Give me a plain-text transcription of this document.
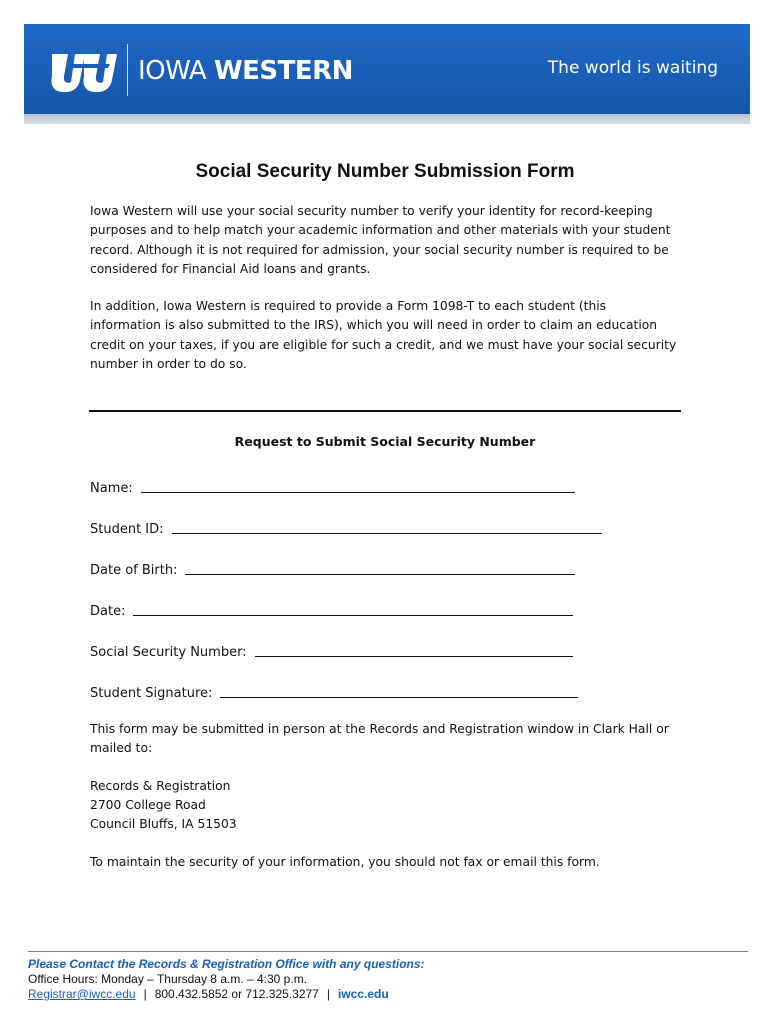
IOWA WESTERN	The world is waiting
Social Security Number Submission Form

Iowa Western will use your social security number to verify your identity for record-keeping purposes and to help match your academic information and other materials with your student record. Although it is not required for admission, your social security number is required to be considered for Financial Aid loans and grants.

In addition, Iowa Western is required to provide a Form 1098-T to each student (this information is also submitted to the IRS), which you will need in order to claim an education credit on your taxes, if you are eligible for such a credit, and we must have your social security number in order to do so.

Request to Submit Social Security Number
Name:
Student ID:
Date of Birth:
Date:
Social Security Number:
Student Signature:

This form may be submitted in person at the Records and Registration window in Clark Hall or mailed to:

Records & Registration
2700 College Road
Council Bluffs, IA 51503

To maintain the security of your information, you should not fax or email this form.

Please Contact the Records & Registration Office with any questions:
Office Hours: Monday – Thursday 8 a.m. – 4:30 p.m.
Registrar@iwcc.edu | 800.432.5852 or 712.325.3277 | iwcc.edu
